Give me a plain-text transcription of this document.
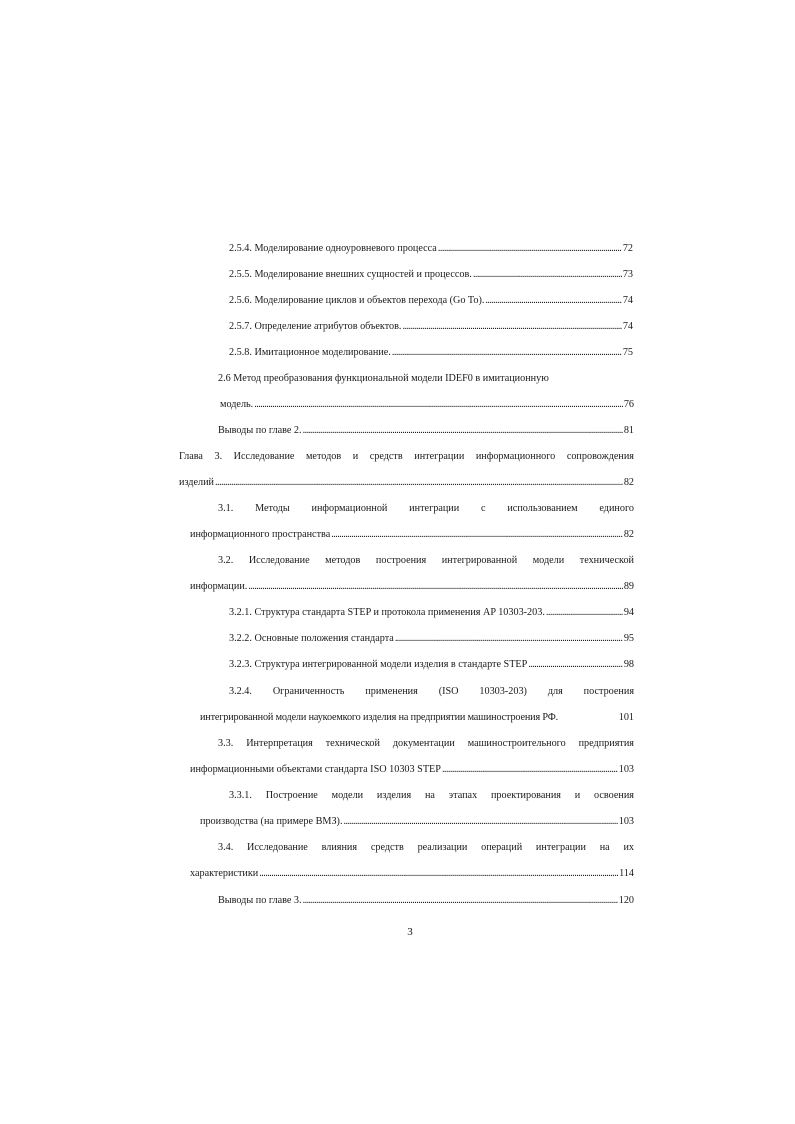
2.5.4. Моделирование одноуровневого процесса . . .	72
2.5.5. Моделирование внешних сущностей и процессов. . . .	73
2.5.6. Моделирование циклов и объектов перехода (Go To). . . .	74
2.5.7. Определение атрибутов объектов. . . .	74
2.5.8. Имитационное моделирование. . . .	75
2.6 Метод преобразования функциональной модели IDEF0 в имитационную
модель. . . .	76
Выводы по главе 2. . . .	81
Глава 3. Исследование методов и средств интеграции информационного сопровождения
изделий . . .	82
3.1. Методы информационной интеграции с использованием единого
информационного пространства . . .	82
3.2. Исследование методов построения интегрированной модели технической
информации. . . .	89
3.2.1. Структура стандарта STEP и протокола применения AP 10303-203. . . .	94
3.2.2. Основные положения стандарта . . .	95
3.2.3. Структура интегрированной модели изделия в стандарте STEP . . .	98
3.2.4. Ограниченность применения (ISO 10303-203) для построения
интегрированной модели наукоемкого изделия на предприятии машиностроения РФ.	101
3.3. Интерпретация технической документации машиностроительного предприятия
информационными объектами стандарта ISO 10303 STEP . . .	103
3.3.1. Построение модели изделия на этапах проектирования и освоения
производства (на примере ВМЗ). . . .	103
3.4. Исследование влияния средств реализации операций интеграции на их
характеристики . . .	114
Выводы по главе 3. . . .	120
3
